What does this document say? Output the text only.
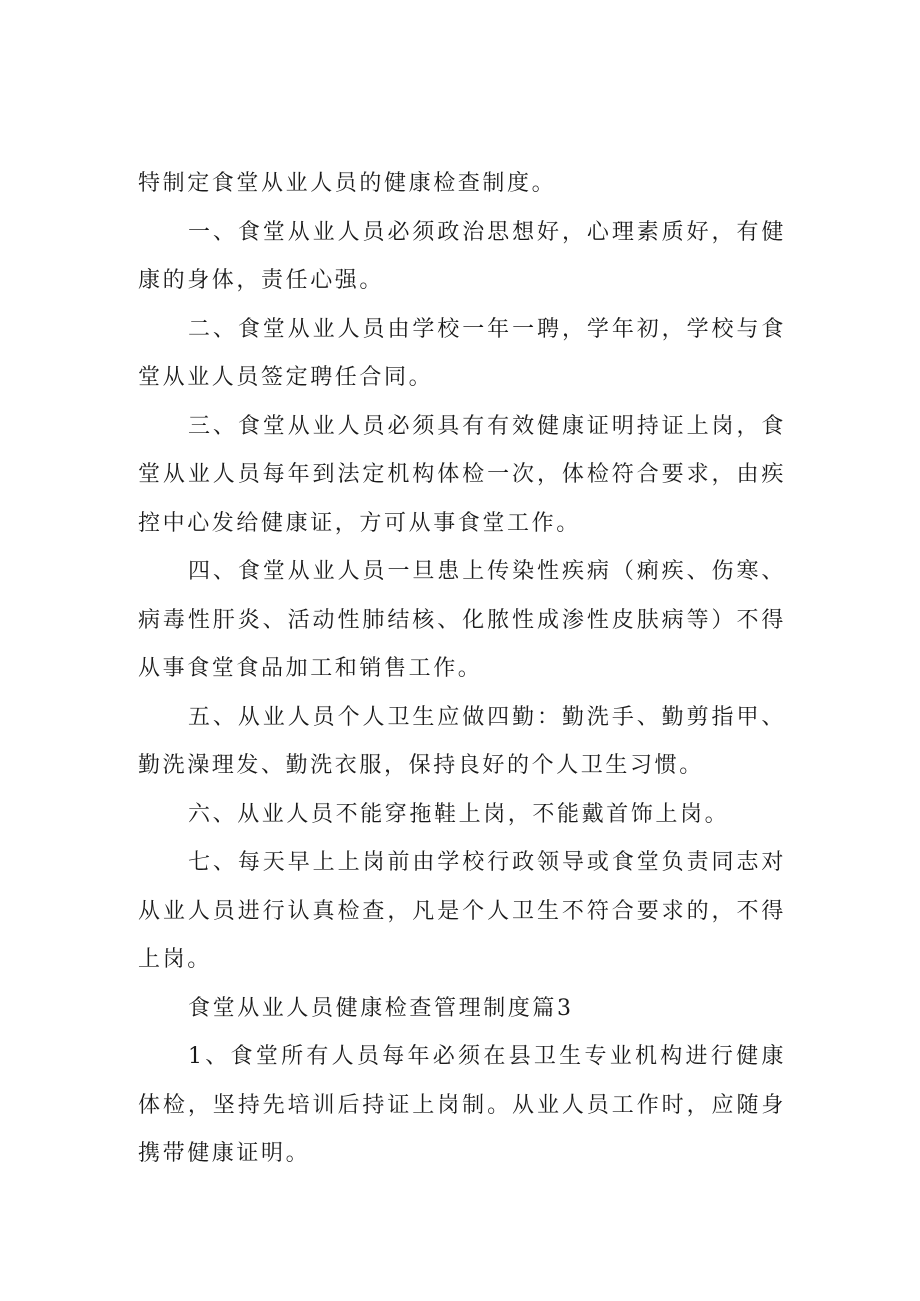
特制定食堂从业人员的健康检查制度。

一、食堂从业人员必须政治思想好，心理素质好，有健康的身体，责任心强。

二、食堂从业人员由学校一年一聘，学年初，学校与食堂从业人员签定聘任合同。

三、食堂从业人员必须具有有效健康证明持证上岗，食堂从业人员每年到法定机构体检一次，体检符合要求，由疾控中心发给健康证，方可从事食堂工作。

四、食堂从业人员一旦患上传染性疾病（痢疾、伤寒、病毒性肝炎、活动性肺结核、化脓性成渗性皮肤病等）不得从事食堂食品加工和销售工作。

五、从业人员个人卫生应做四勤：勤洗手、勤剪指甲、勤洗澡理发、勤洗衣服，保持良好的个人卫生习惯。

六、从业人员不能穿拖鞋上岗，不能戴首饰上岗。

七、每天早上上岗前由学校行政领导或食堂负责同志对从业人员进行认真检查，凡是个人卫生不符合要求的，不得上岗。

食堂从业人员健康检查管理制度篇3

1、食堂所有人员每年必须在县卫生专业机构进行健康体检，坚持先培训后持证上岗制。从业人员工作时，应随身携带健康证明。
